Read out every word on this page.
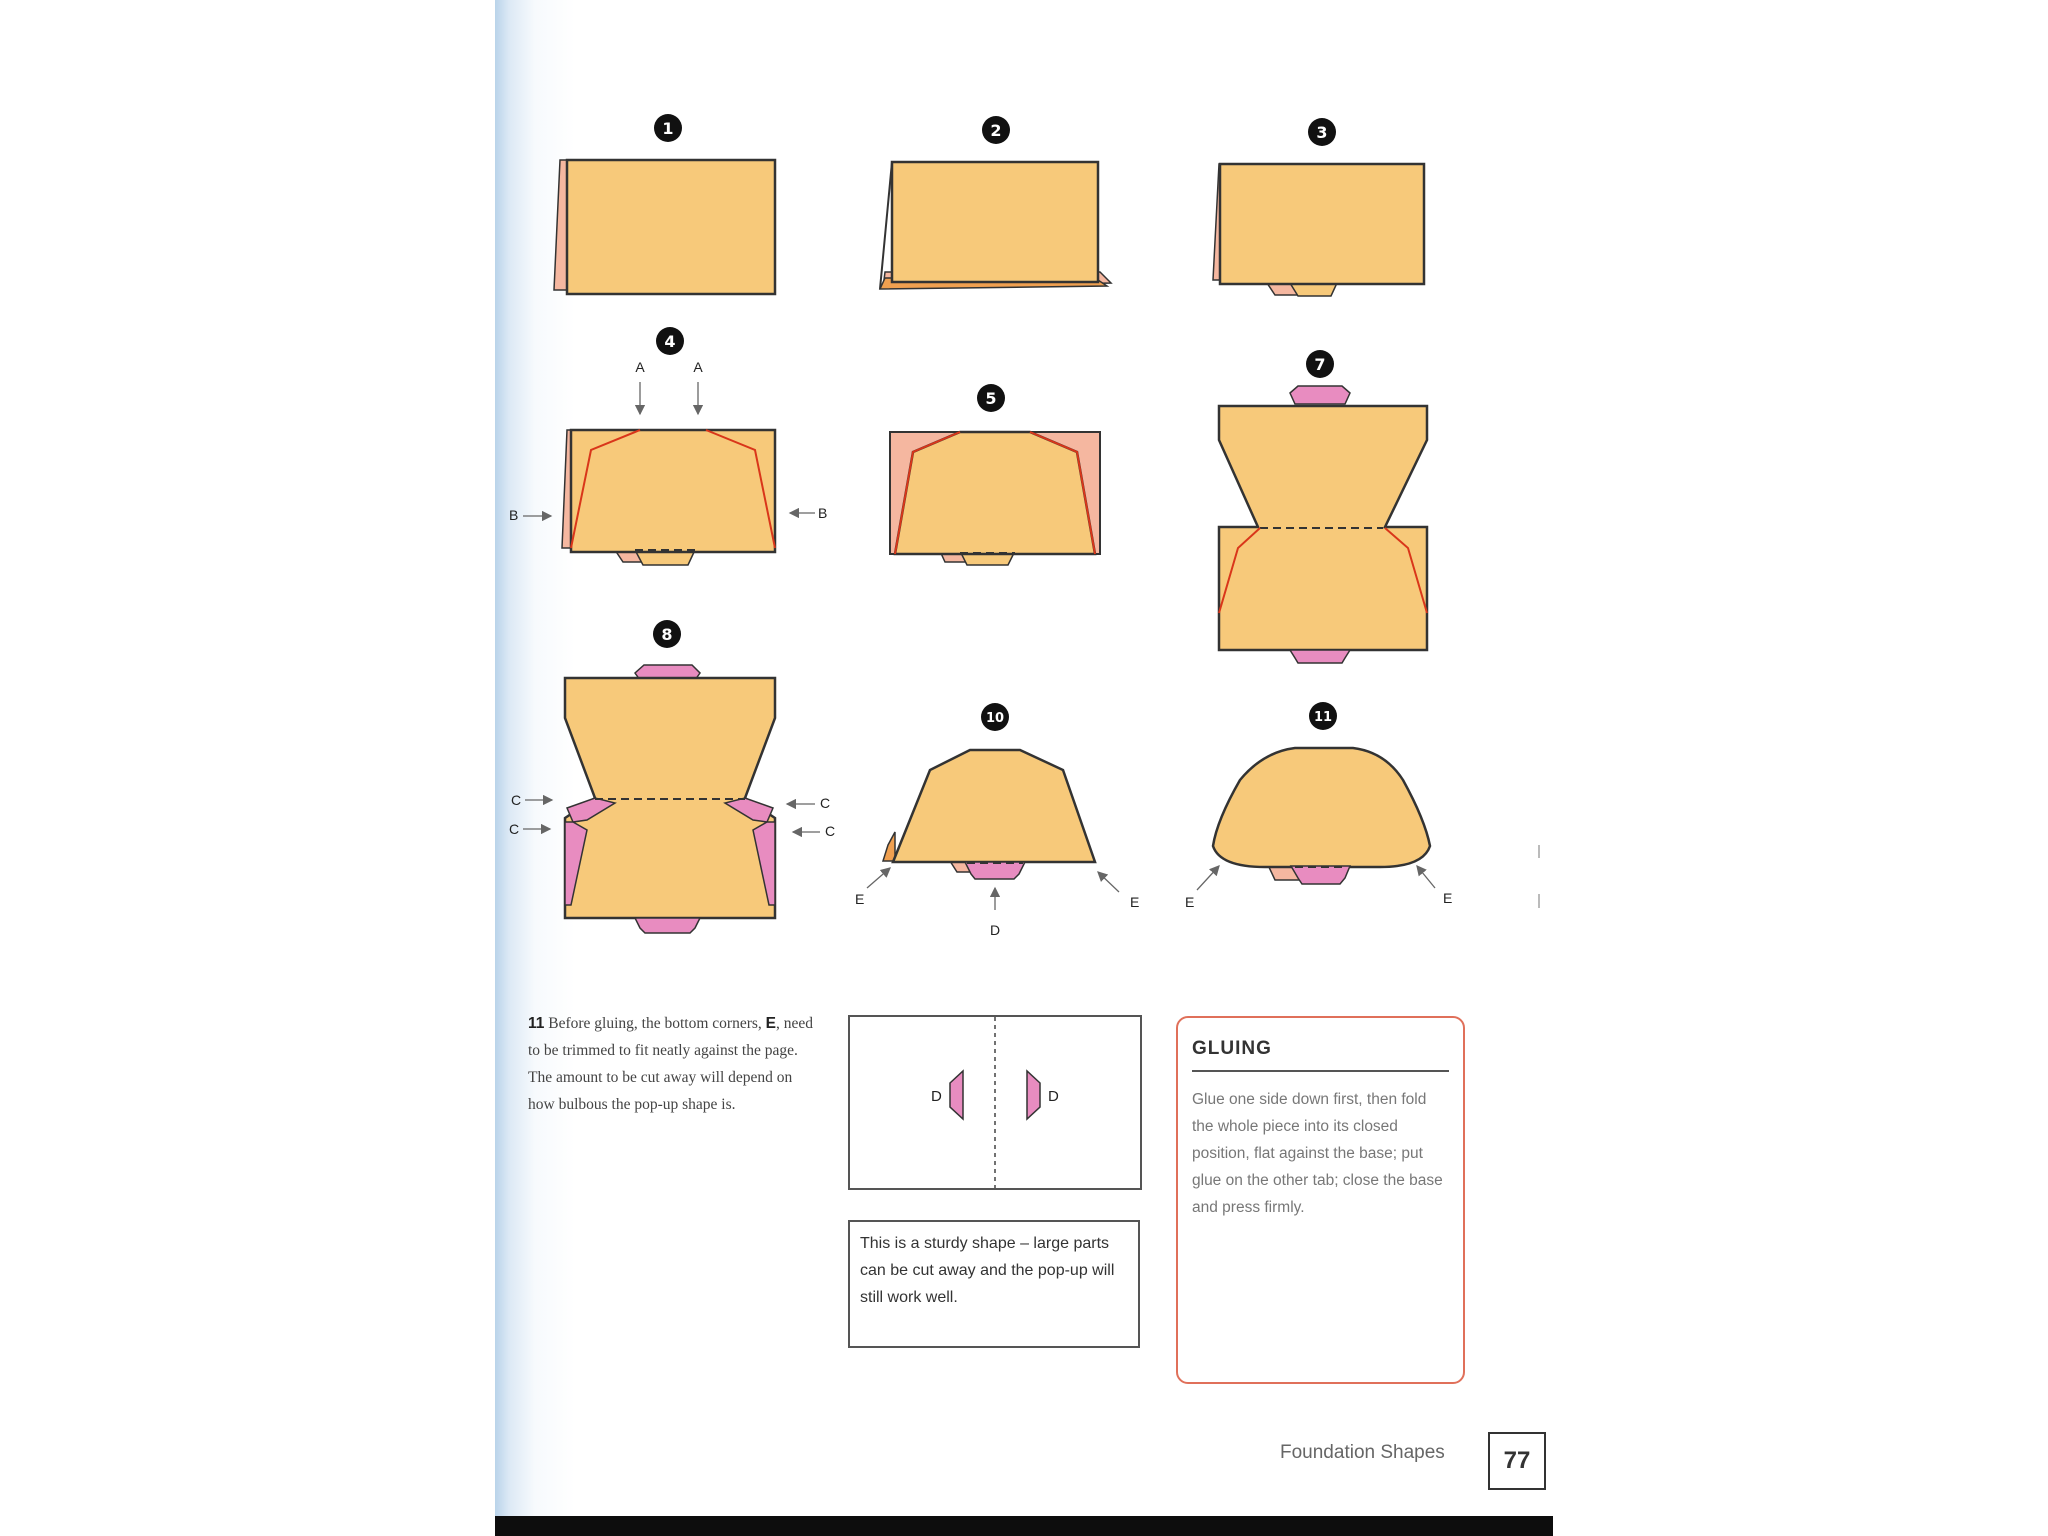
1	2	3
4
5
7
8
10	11
A	A
B	B
C
C
C
C
E	E
D
E	E
11 Before gluing, the bottom corners, E, need to be trimmed to fit neatly against the page. The amount to be cut away will depend on how bulbous the pop-up shape is.	D	D
This is a sturdy shape – large parts can be cut away and the pop-up will still work well.
GLUING
Glue one side down first, then fold the whole piece into its closed position, flat against the base; put glue on the other tab; close the base and press firmly.
Foundation Shapes	77
